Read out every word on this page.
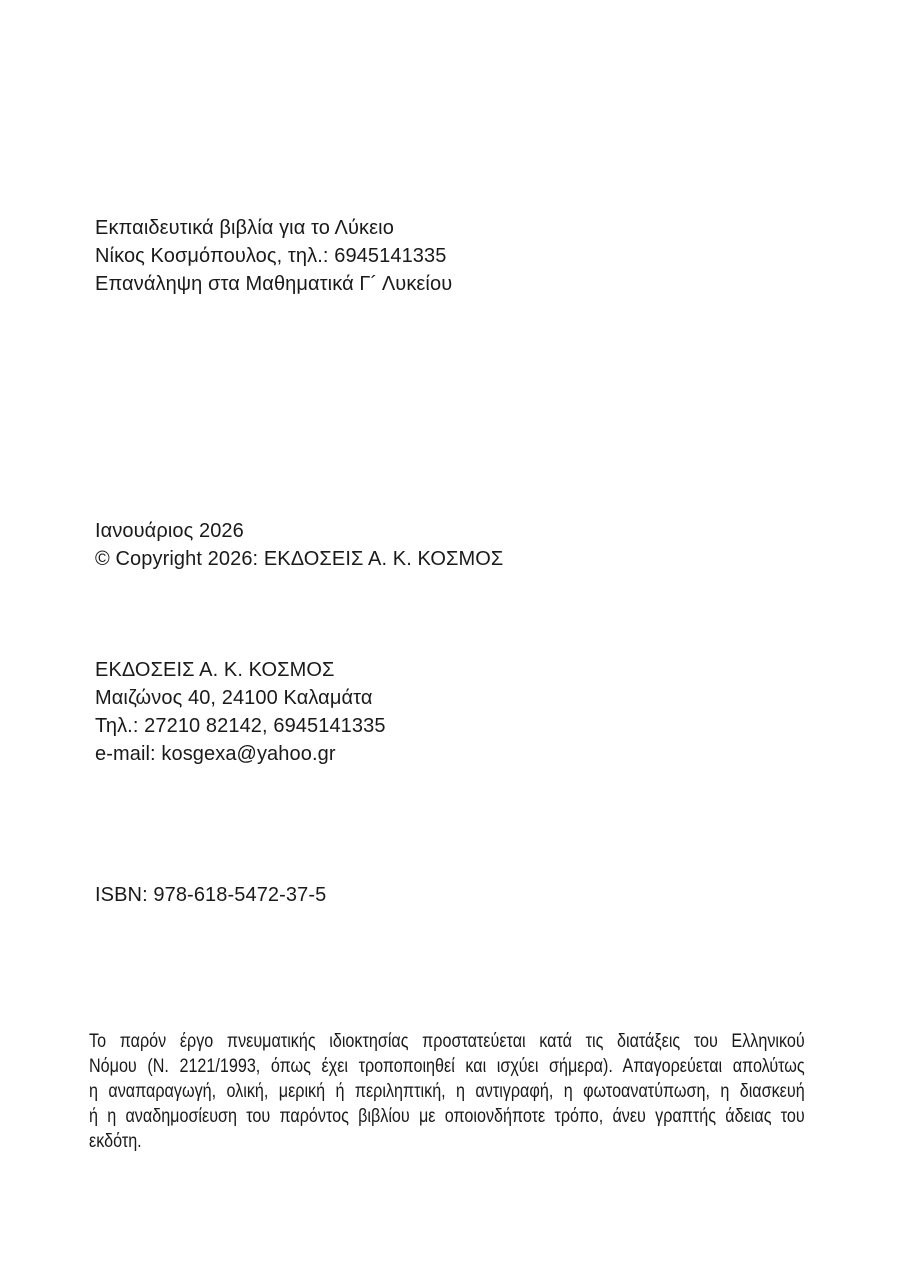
Εκπαιδευτικά βιβλία για το Λύκειο
Νίκος Κοσμόπουλος, τηλ.: 6945141335
Επανάληψη στα Μαθηματικά Γ´ Λυκείου
Ιανουάριος 2026
© Copyright 2026: ΕΚΔΟΣΕΙΣ Α. Κ. ΚΟΣΜΟΣ
ΕΚΔΟΣΕΙΣ Α. Κ. ΚΟΣΜΟΣ
Μαιζώνος 40, 24100 Καλαμάτα
Τηλ.: 27210 82142, 6945141335
e-mail: kosgexa@yahoo.gr
ISBN: 978-618-5472-37-5
Το παρόν έργο πνευματικής ιδιοκτησίας προστατεύεται κατά τις διατάξεις του Ελληνικού
Νόμου (Ν. 2121/1993, όπως έχει τροποποιηθεί και ισχύει σήμερα). Απαγορεύεται απολύτως
η αναπαραγωγή, ολική, μερική ή περιληπτική, η αντιγραφή, η φωτοανατύπωση, η διασκευή
ή η αναδημοσίευση του παρόντος βιβλίου με οποιονδήποτε τρόπο, άνευ γραπτής άδειας του
εκδότη.
